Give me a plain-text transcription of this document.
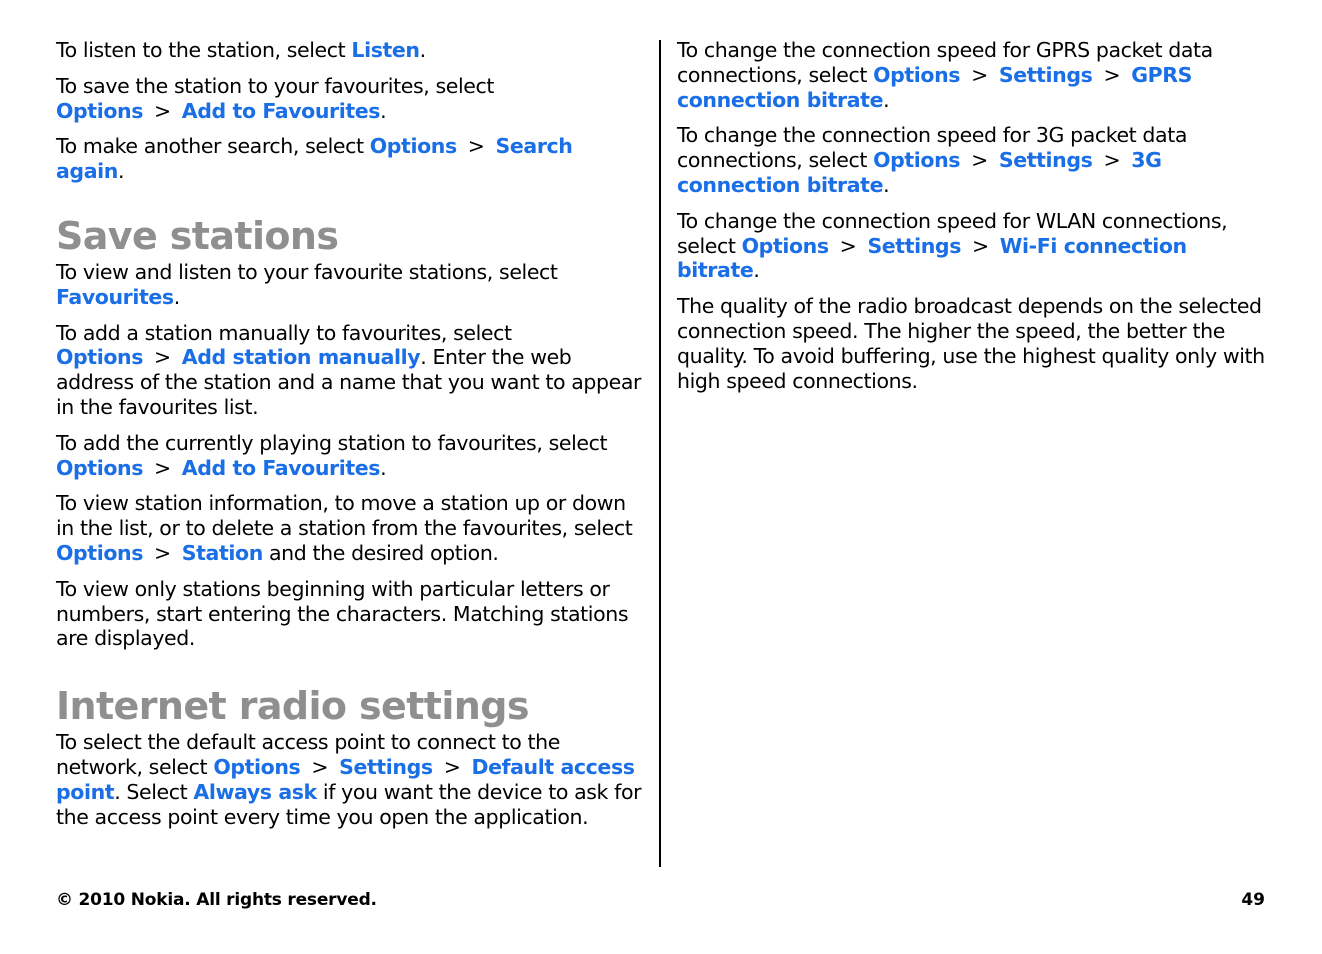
To listen to the station, select Listen.

To save the station to your favourites, select Options > Add to Favourites.

To make another search, select Options > Search again.

Save stations

To view and listen to your favourite stations, select Favourites.

To add a station manually to favourites, select Options > Add station manually. Enter the web address of the station and a name that you want to appear in the favourites list.

To add the currently playing station to favourites, select Options > Add to Favourites.

To view station information, to move a station up or down in the list, or to delete a station from the favourites, select Options > Station and the desired option.

To view only stations beginning with particular letters or numbers, start entering the characters. Matching stations are displayed.

Internet radio settings

To select the default access point to connect to the network, select Options > Settings > Default access point. Select Always ask if you want the device to ask for the access point every time you open the application.

To change the connection speed for GPRS packet data connections, select Options > Settings > GPRS connection bitrate.

To change the connection speed for 3G packet data connections, select Options > Settings > 3G connection bitrate.

To change the connection speed for WLAN connections, select Options > Settings > Wi-Fi connection bitrate.

The quality of the radio broadcast depends on the selected connection speed. The higher the speed, the better the quality. To avoid buffering, use the highest quality only with high speed connections.

© 2010 Nokia. All rights reserved.	49
